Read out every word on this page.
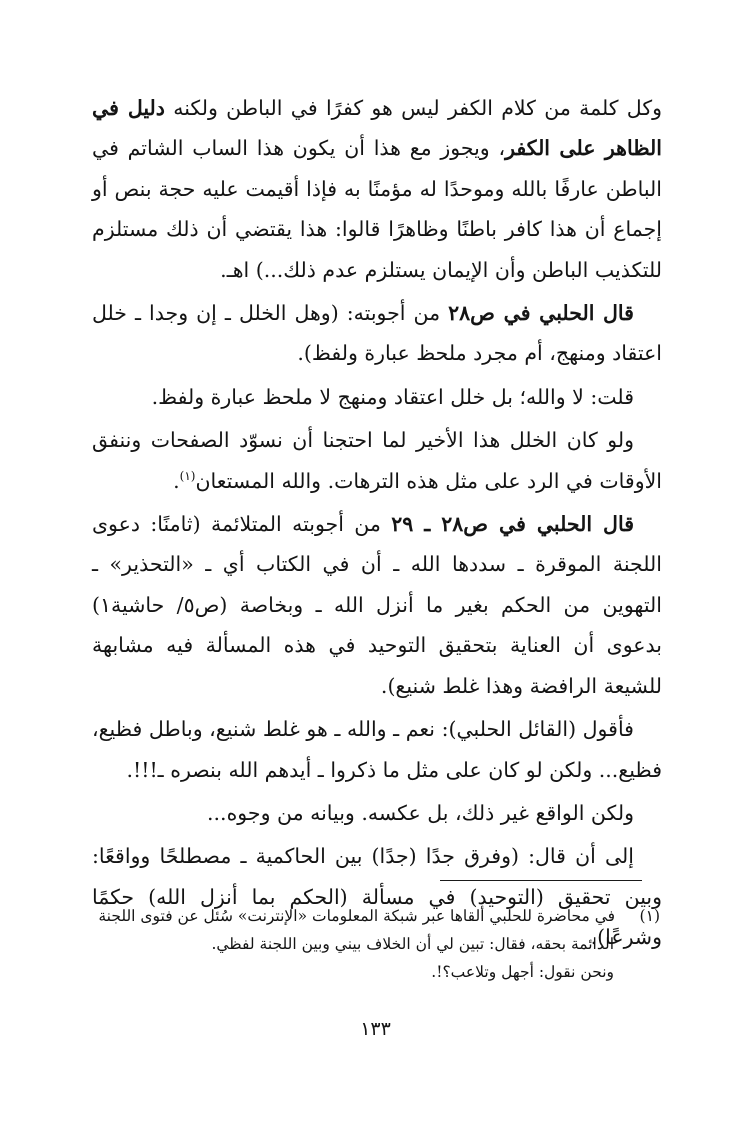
وكل كلمة من كلام الكفر ليس هو كفرًا في الباطن ولكنه دليل في الظاهر على الكفر، ويجوز مع هذا أن يكون هذا الساب الشاتم في الباطن عارفًا بالله وموحدًا له مؤمنًا به فإذا أقيمت عليه حجة بنص أو إجماع أن هذا كافر باطنًا وظاهرًا قالوا: هذا يقتضي أن ذلك مستلزم للتكذيب الباطن وأن الإيمان يستلزم عدم ذلك...) اهـ.

قال الحلبي في ص٢٨ من أجوبته: (وهل الخلل ـ إن وجدا ـ خلل اعتقاد ومنهج، أم مجرد ملحظ عبارة ولفظ).

قلت: لا والله؛ بل خلل اعتقاد ومنهج لا ملحظ عبارة ولفظ.

ولو كان الخلل هذا الأخير لما احتجنا أن نسوّد الصفحات وننفق الأوقات في الرد على مثل هذه الترهات. والله المستعان$^{(١)}$.

قال الحلبي في ص٢٨ ـ ٢٩ من أجوبته المتلائمة (ثامنًا: دعوى اللجنة الموقرة ـ سددها الله ـ أن في الكتاب أي ـ «التحذير» ـ التهوين من الحكم بغير ما أنزل الله ـ وبخاصة (ص٥/ حاشية١) بدعوى أن العناية بتحقيق التوحيد في هذه المسألة فيه مشابهة للشيعة الرافضة وهذا غلط شنيع).

فأقول (القائل الحلبي): نعم ـ والله ـ هو غلط شنيع، وباطل فظيع، فظيع... ولكن لو كان على مثل ما ذكروا ـ أيدهم الله بنصره ـ!!!.

ولكن الواقع غير ذلك، بل عكسه. وبيانه من وجوه...

إلى أن قال: (وفرق جدًا (جدًا) بين الحاكمية ـ مصطلحًا وواقعًا: وبين تحقيق (التوحيد) في مسألة (الحكم بما أنزل الله) حكمًا وشرعًا).

(١) في محاضرة للحلبي ألقاها عبر شبكة المعلومات «الإنترنت» سُئل عن فتوى اللجنة

الدائمة بحقه، فقال: تبين لي أن الخلاف بيني وبين اللجنة لفظي.

ونحن نقول: أجهل وتلاعب؟!.

١٣٣
